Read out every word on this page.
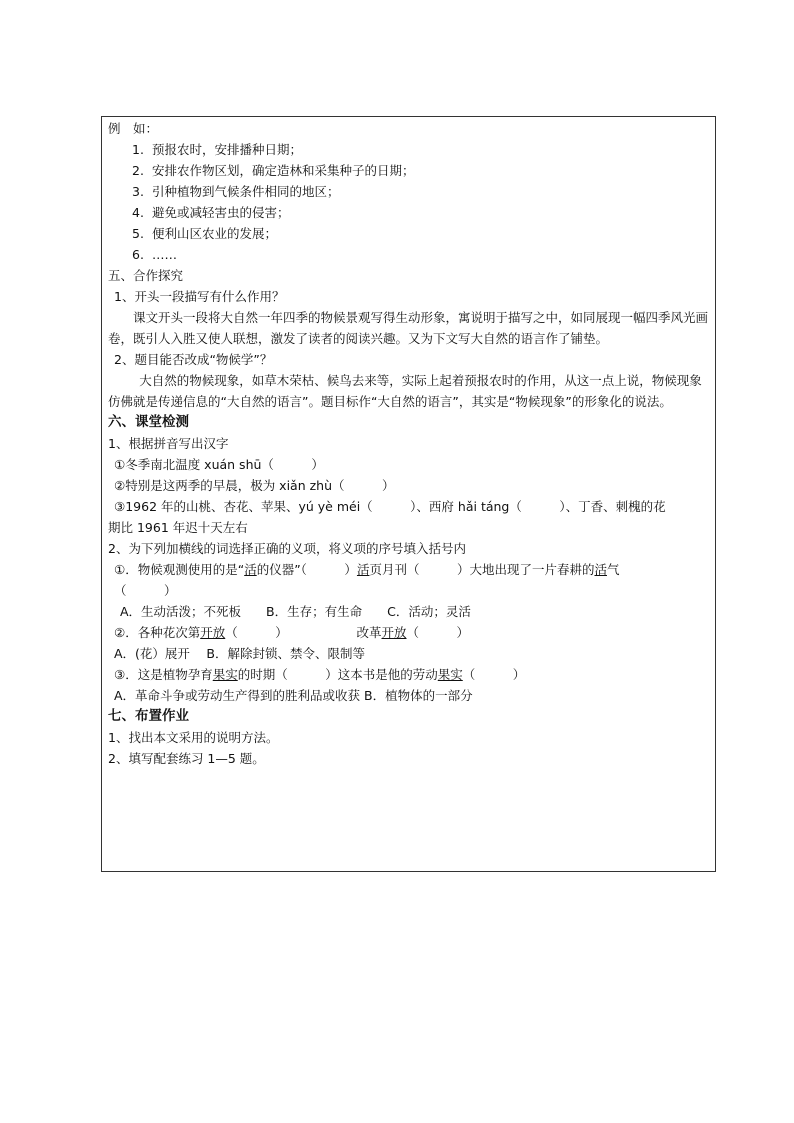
例　如：
1. 预报农时，安排播种日期；
2. 安排农作物区划，确定造林和采集种子的日期；
3. 引种植物到气候条件相同的地区；
4. 避免或减轻害虫的侵害；
5. 便利山区农业的发展；
6. ……
五、合作探究
1、开头一段描写有什么作用？
课文开头一段将大自然一年四季的物候景观写得生动形象，寓说明于描写之中，如同展现一幅四季风光画卷，既引人入胜又使人联想，激发了读者的阅读兴趣。又为下文写大自然的语言作了铺垫。
2、题目能否改成“物候学”？
大自然的物候现象，如草木荣枯、候鸟去来等，实际上起着预报农时的作用，从这一点上说，物候现象仿佛就是传递信息的“大自然的语言”。题目标作“大自然的语言”，其实是“物候现象”的形象化的说法。
六、课堂检测
1、根据拼音写出汉字
①冬季南北温度 xuán shū（　　　）
②特别是这两季的早晨，极为 xiǎn zhù（　　　）
③1962 年的山桃、杏花、苹果、yú yè méi（　　　）、西府 hǎi táng（　　　）、丁香、刺槐的花
期比 1961 年迟十天左右
2、为下列加横线的词选择正确的义项，将义项的序号填入括号内
①．物候观测使用的是“活的仪器”（　　　）活页月刊（　　　）大地出现了一片春耕的活气
（　　　）
A．生动活泼；不死板　　B．生存；有生命　　C．活动；灵活
②．各种花次第开放（　　　）　　　　　　改革开放（　　　）
A．(花）展开　 B．解除封锁、禁令、限制等
③．这是植物孕育果实的时期（　　　）这本书是他的劳动果实（　　　）
A．革命斗争或劳动生产得到的胜利品或收获 B．植物体的一部分
七、布置作业
1、找出本文采用的说明方法。
2、填写配套练习 1—5 题。
